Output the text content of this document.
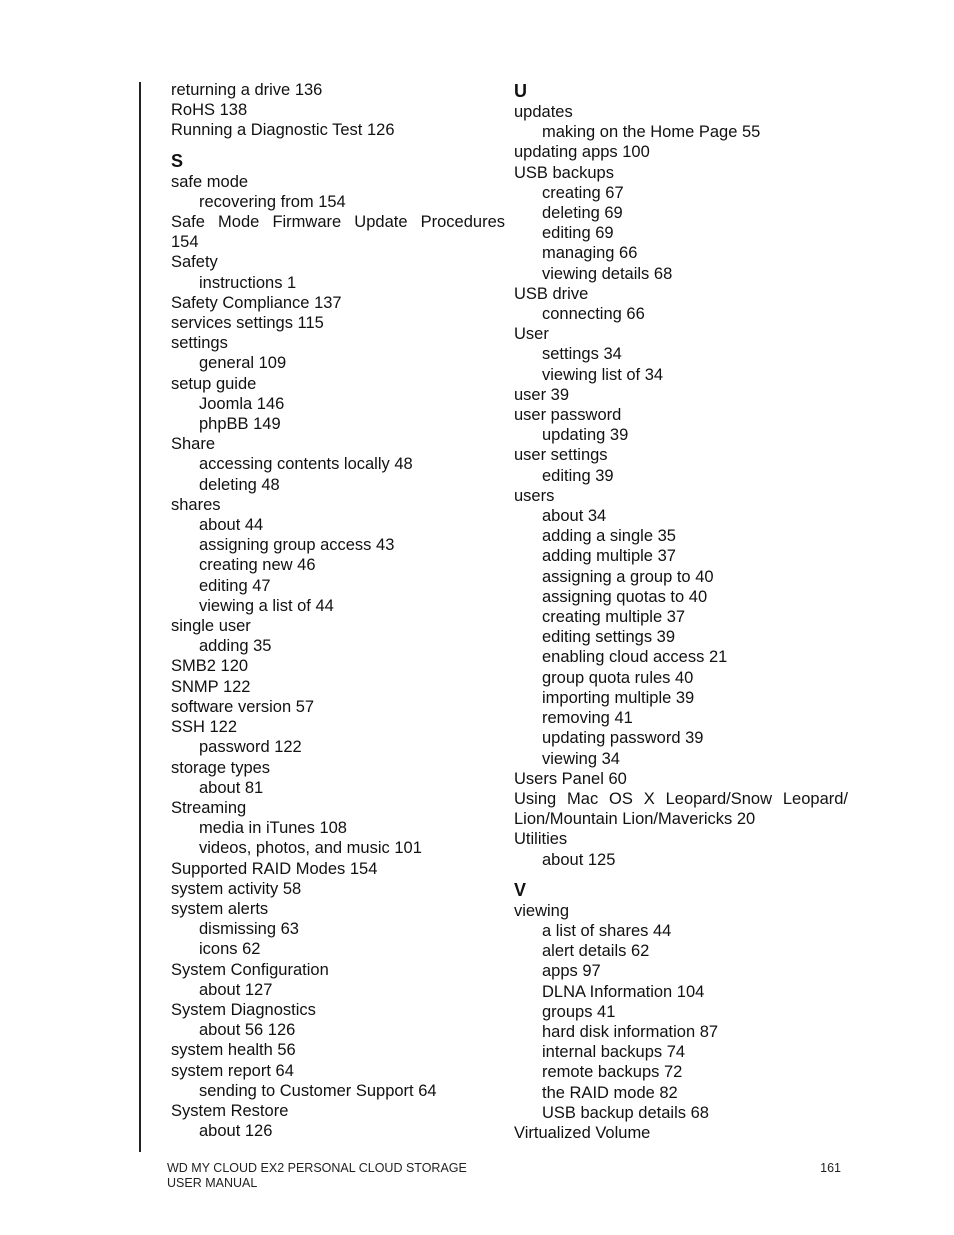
returning a drive 136
RoHS 138
Running a Diagnostic Test 126
S
safe mode
recovering from 154
Safe Mode Firmware Update Procedures
154
Safety
instructions 1
Safety Compliance 137
services settings 115
settings
general 109
setup guide
Joomla 146
phpBB 149
Share
accessing contents locally 48
deleting 48
shares
about 44
assigning group access 43
creating new 46
editing 47
viewing a list of 44
single user
adding 35
SMB2 120
SNMP 122
software version 57
SSH 122
password 122
storage types
about 81
Streaming
media in iTunes 108
videos, photos, and music 101
Supported RAID Modes 154
system activity 58
system alerts
dismissing 63
icons 62
System Configuration
about 127
System Diagnostics
about 56 126
system health 56
system report 64
sending to Customer Support 64
System Restore
about 126
U
updates
making on the Home Page 55
updating apps 100
USB backups
creating 67
deleting 69
editing 69
managing 66
viewing details 68
USB drive
connecting 66
User
settings 34
viewing list of 34
user 39
user password
updating 39
user settings
editing 39
users
about 34
adding a single 35
adding multiple 37
assigning a group to 40
assigning quotas to 40
creating multiple 37
editing settings 39
enabling cloud access 21
group quota rules 40
importing multiple 39
removing 41
updating password 39
viewing 34
Users Panel 60
Using Mac OS X Leopard/Snow Leopard/
Lion/Mountain Lion/Mavericks 20
Utilities
about 125
V
viewing
a list of shares 44
alert details 62
apps 97
DLNA Information 104
groups 41
hard disk information 87
internal backups 74
remote backups 72
the RAID mode 82
USB backup details 68
Virtualized Volume
WD MY CLOUD EX2 PERSONAL CLOUD STORAGE
USER MANUAL
161
